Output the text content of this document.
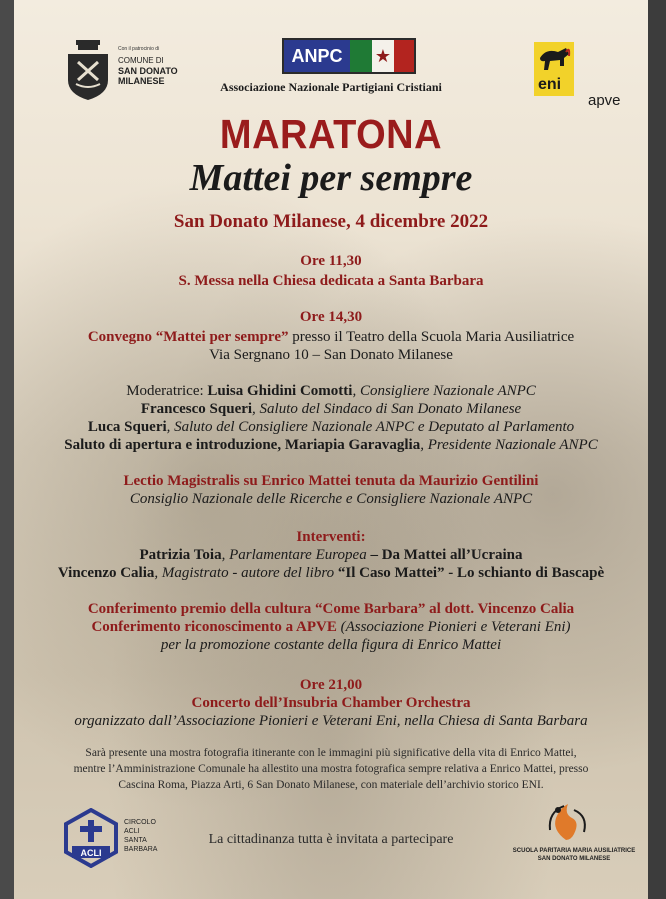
Con il patrocinio di
COMUNE DI
SAN DONATO
MILANESE
ANPC	★
Associazione Nazionale Partigiani Cristiani	eni
apve
MARATONA
Mattei per sempre
San Donato Milanese, 4 dicembre 2022
Ore 11,30
S. Messa nella Chiesa dedicata a Santa Barbara
Ore 14,30
Convegno “Mattei per sempre” presso il Teatro della Scuola Maria Ausiliatrice
Via Sergnano 10 – San Donato Milanese
Moderatrice: Luisa Ghidini Comotti, Consigliere Nazionale ANPC
Francesco Squeri, Saluto del Sindaco di San Donato Milanese
Luca Squeri, Saluto del Consigliere Nazionale ANPC e Deputato al Parlamento
Saluto di apertura e introduzione, Mariapia Garavaglia, Presidente Nazionale ANPC
Lectio Magistralis su Enrico Mattei tenuta da Maurizio Gentilini
Consiglio Nazionale delle Ricerche e Consigliere Nazionale ANPC
Interventi:
Patrizia Toia, Parlamentare Europea – Da Mattei all’Ucraina
Vincenzo Calia, Magistrato - autore del libro “Il Caso Mattei” - Lo schianto di Bascapè
Conferimento premio della cultura “Come Barbara” al dott. Vincenzo Calia
Conferimento riconoscimento a APVE (Associazione Pionieri e Veterani Eni)
per la promozione costante della figura di Enrico Mattei
Ore 21,00
Concerto dell’Insubria Chamber Orchestra
organizzato dall’Associazione Pionieri e Veterani Eni, nella Chiesa di Santa Barbara
Sarà presente una mostra fotografia itinerante con le immagini più significative della vita di Enrico Mattei,
mentre l’Amministrazione Comunale ha allestito una mostra fotografica sempre relativa a Enrico Mattei, presso
Cascina Roma, Piazza Arti, 6 San Donato Milanese, con materiale dell’archivio storico ENI.
ACLI
CIRCOLO
ACLI
SANTA
BARBARA
La cittadinanza tutta è invitata a partecipare
SCUOLA PARITARIA MARIA AUSILIATRICE
SAN DONATO MILANESE
